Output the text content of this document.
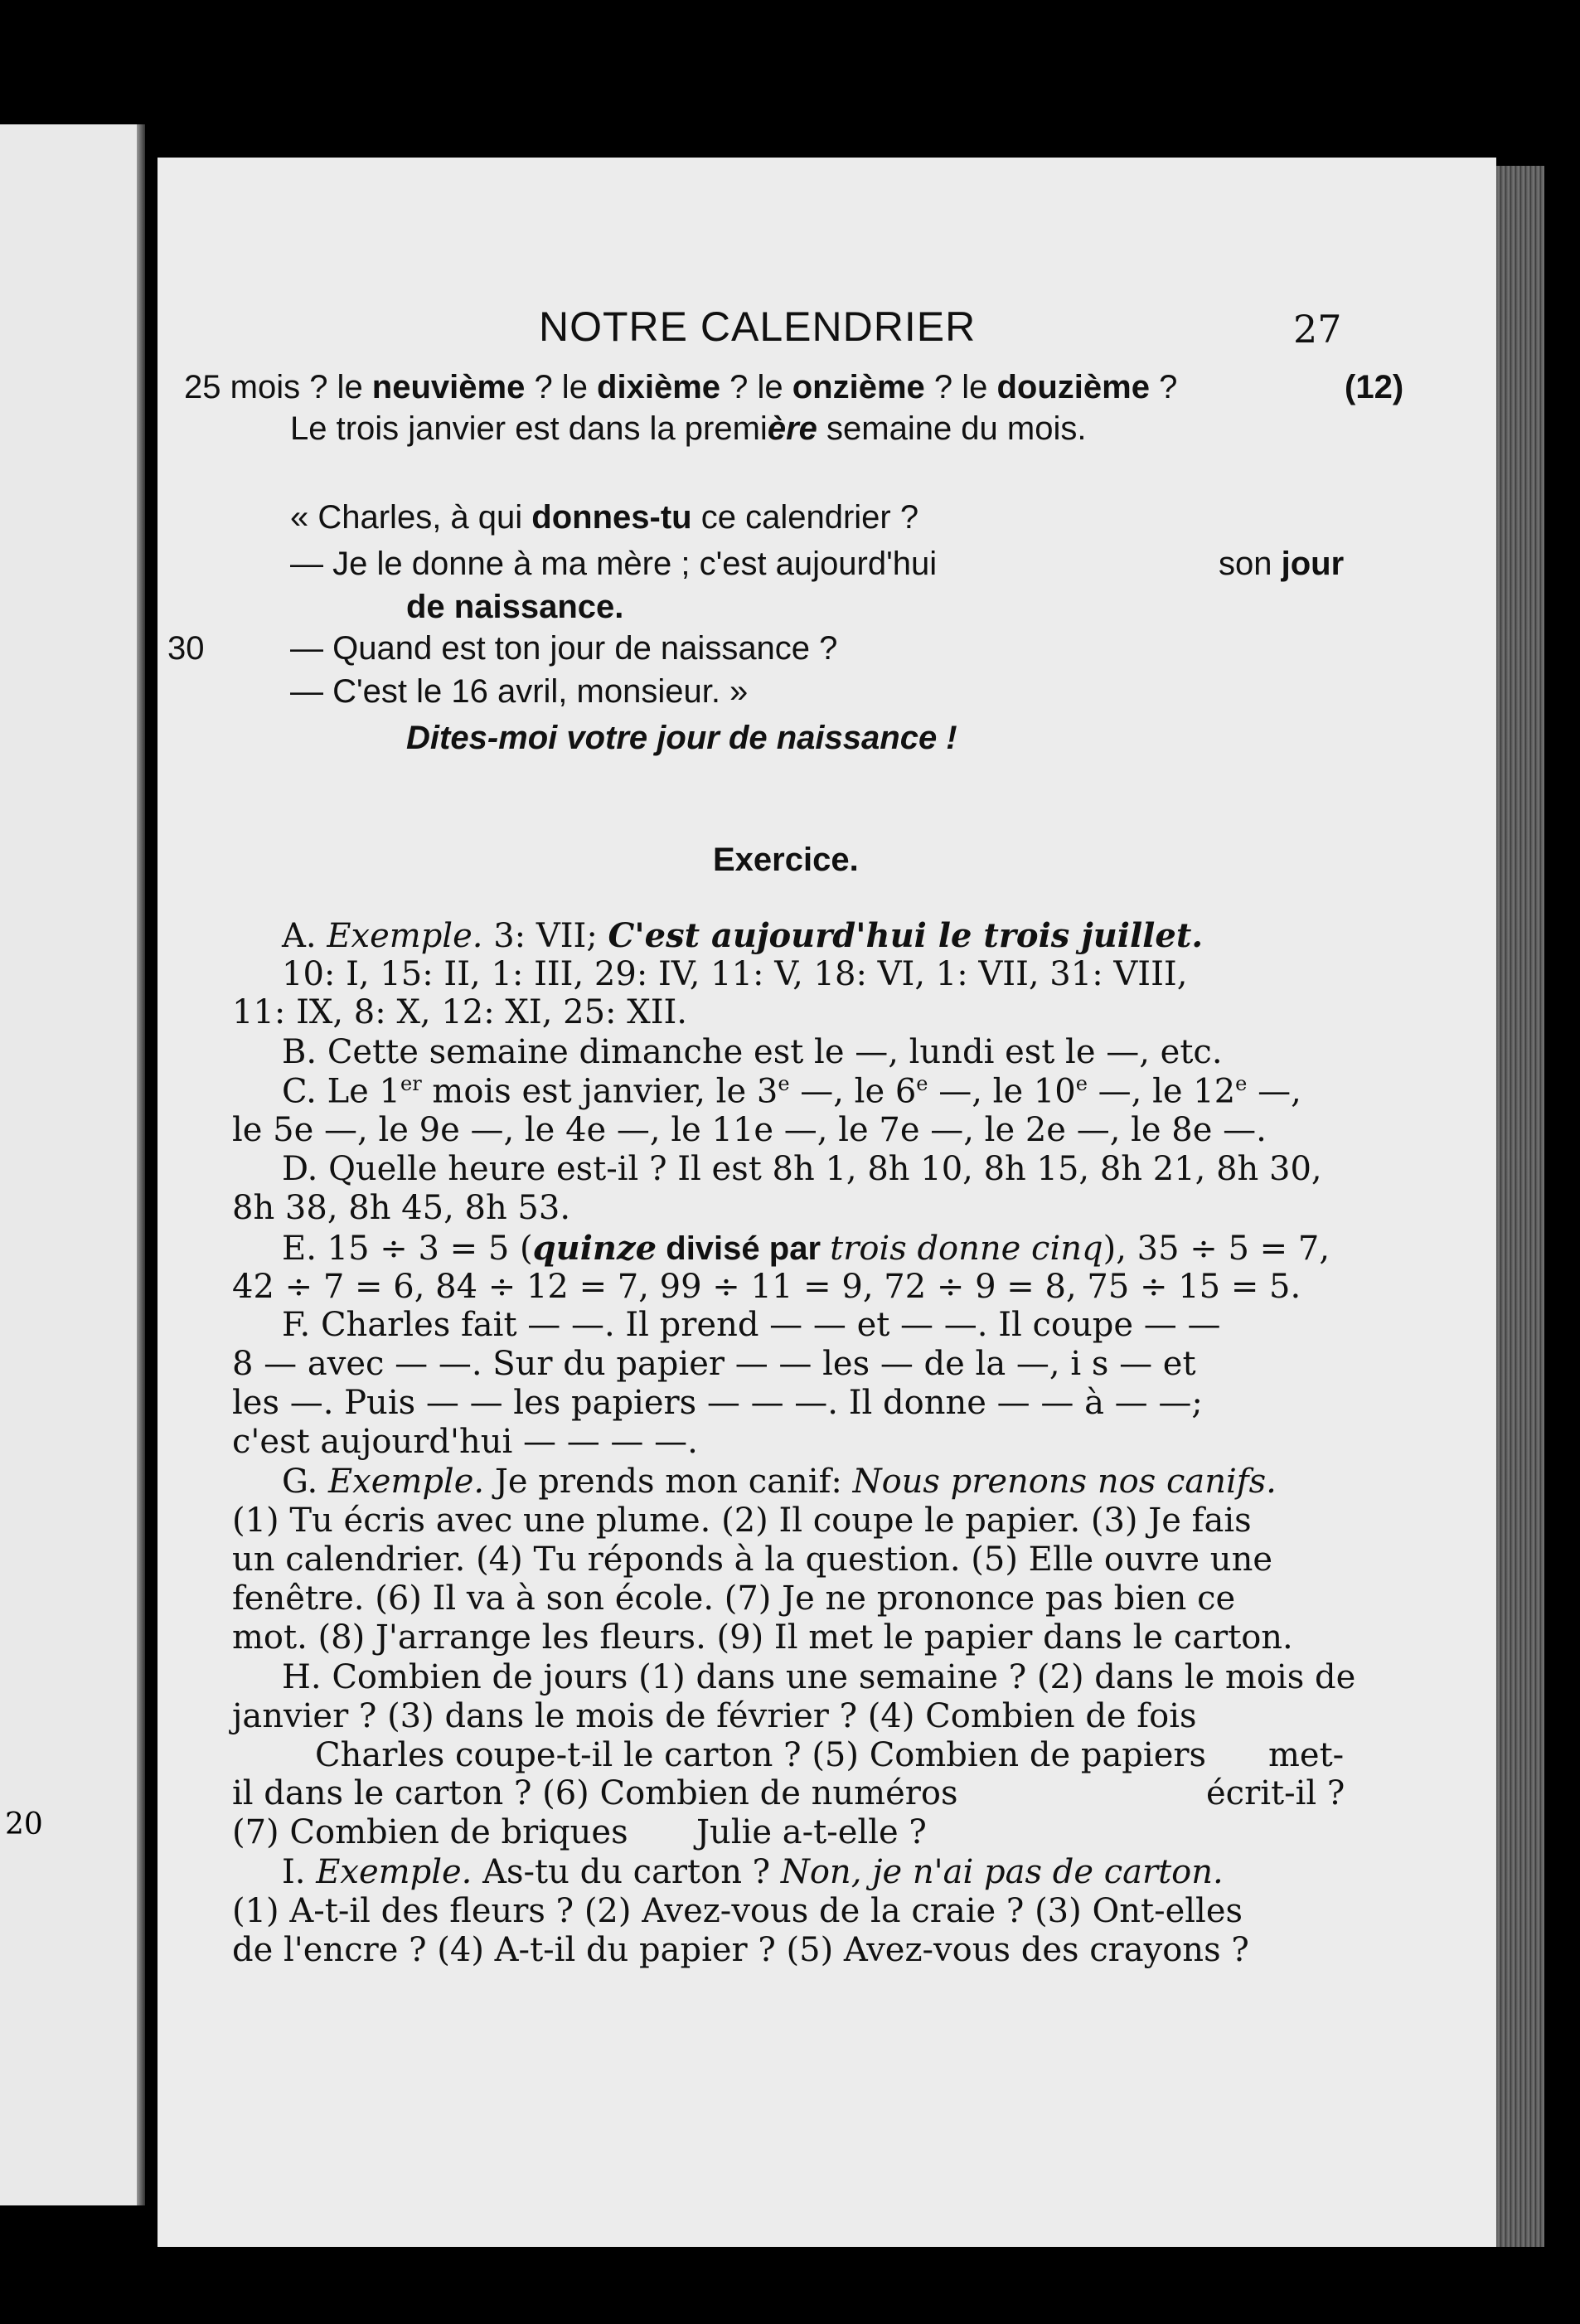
20
NOTRE CALENDRIER	27
25 mois ? le neuvième ? le dixième ? le onzième ? le douzième ?	(12)
Le trois janvier est dans la première semaine du mois.
« Charles, à qui donnes-tu ce calendrier ?
— Je le donne à ma mère ; c'est aujourd'hui	son jour
de naissance.
30	— Quand est ton jour de naissance ?
— C'est le 16 avril, monsieur. »
Dites-moi votre jour de naissance !
Exercice.
A. Exemple. 3: VII; C'est aujourd'hui le trois juillet.
10: I, 15: II, 1: III, 29: IV, 11: V, 18: VI, 1: VII, 31: VIII,
11: IX, 8: X, 12: XI, 25: XII.
B. Cette semaine dimanche est le —, lundi est le —, etc.
C. Le 1er mois est janvier, le 3e —, le 6e —, le 10e —, le 12e —,
le 5e —, le 9e —, le 4e —, le 11e —, le 7e —, le 2e —, le 8e —.
D. Quelle heure est-il ? Il est 8h 1, 8h 10, 8h 15, 8h 21, 8h 30,
8h 38, 8h 45, 8h 53.
E. 15 ÷ 3 = 5 (quinze divisé par trois donne cinq), 35 ÷ 5 = 7,
42 ÷ 7 = 6, 84 ÷ 12 = 7, 99 ÷ 11 = 9, 72 ÷ 9 = 8, 75 ÷ 15 = 5.
F. Charles fait — —. Il prend — — et — —. Il coupe — —
8 — avec — —. Sur du papier — — les — de la —, i s — et
les —. Puis — — les papiers — — —. Il donne — — à — —;
c'est aujourd'hui — — — —.
G. Exemple. Je prends mon canif: Nous prenons nos canifs.
(1) Tu écris avec une plume. (2) Il coupe le papier. (3) Je fais
un calendrier. (4) Tu réponds à la question. (5) Elle ouvre une
fenêtre. (6) Il va à son école. (7) Je ne prononce pas bien ce
mot. (8) J'arrange les fleurs. (9) Il met le papier dans le carton.
H. Combien de jours (1) dans une semaine ? (2) dans le mois de
janvier ? (3) dans le mois de février ? (4) Combien de fois
Charles coupe-t-il le carton ? (5) Combien de papiers met-
il dans le carton ? (6) Combien de numéros	écrit-il ?
(7) Combien de briques Julie a-t-elle ?
I. Exemple. As-tu du carton ? Non, je n'ai pas de carton.
(1) A-t-il des fleurs ? (2) Avez-vous de la craie ? (3) Ont-elles
de l'encre ? (4) A-t-il du papier ? (5) Avez-vous des crayons ?
